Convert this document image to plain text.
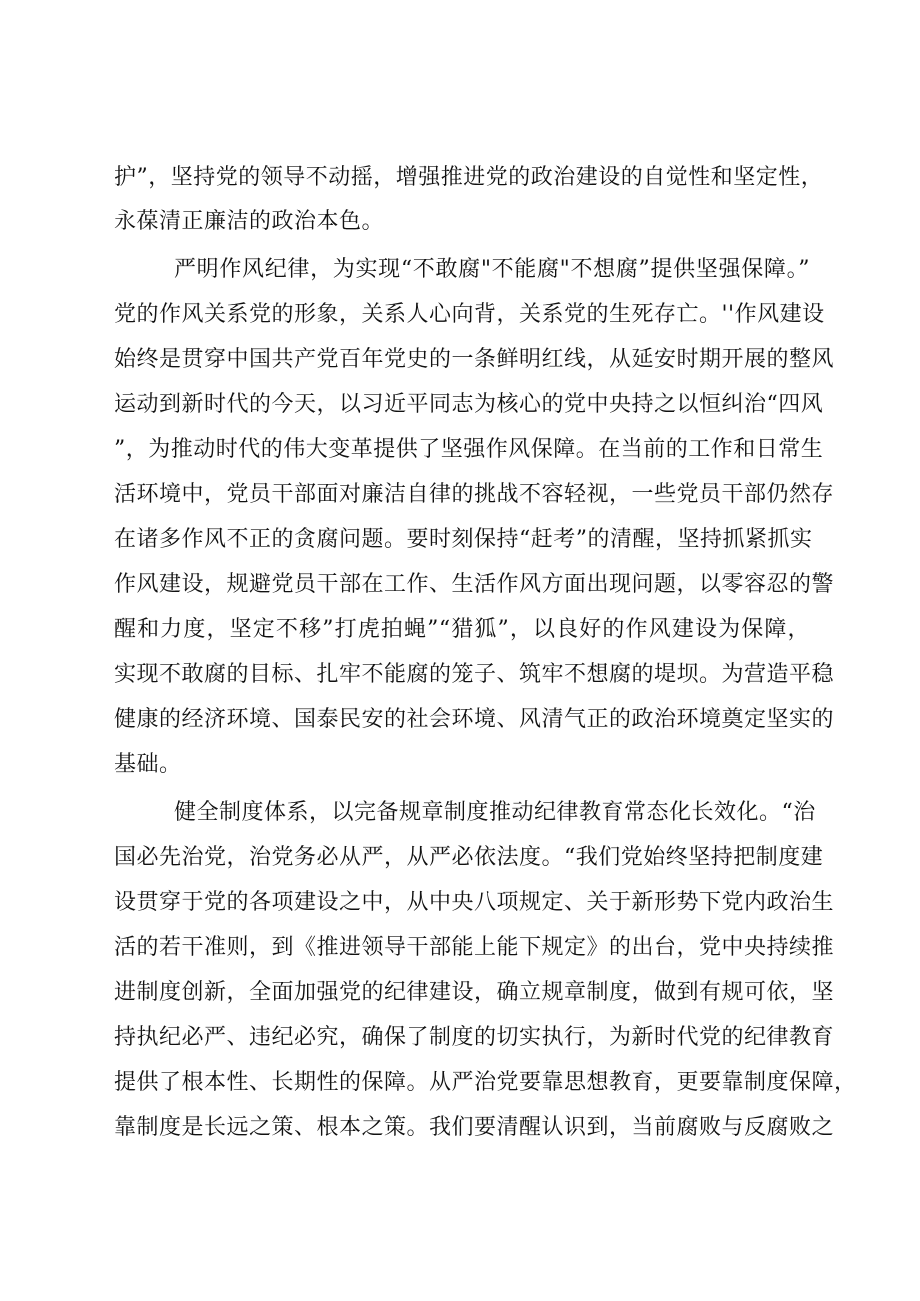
护”，坚持党的领导不动摇，增强推进党的政治建设的自觉性和坚定性，
永葆清正廉洁的政治本色。
严明作风纪律，为实现“不敢腐"不能腐"不想腐”提供坚强保障。”
党的作风关系党的形象，关系人心向背，关系党的生死存亡。''作风建设
始终是贯穿中国共产党百年党史的一条鲜明红线，从延安时期开展的整风
运动到新时代的今天，以习近平同志为核心的党中央持之以恒纠治“四风
”，为推动时代的伟大变革提供了坚强作风保障。在当前的工作和日常生
活环境中，党员干部面对廉洁自律的挑战不容轻视，一些党员干部仍然存
在诸多作风不正的贪腐问题。要时刻保持“赶考”的清醒，坚持抓紧抓实
作风建设，规避党员干部在工作、生活作风方面出现问题，以零容忍的警
醒和力度，坚定不移”打虎拍蝇”“猎狐”，以良好的作风建设为保障，
实现不敢腐的目标、扎牢不能腐的笼子、筑牢不想腐的堤坝。为营造平稳
健康的经济环境、国泰民安的社会环境、风清气正的政治环境奠定坚实的
基础。
健全制度体系，以完备规章制度推动纪律教育常态化长效化。“治
国必先治党，治党务必从严，从严必依法度。“我们党始终坚持把制度建
设贯穿于党的各项建设之中，从中央八项规定、关于新形势下党内政治生
活的若干准则，到《推进领导干部能上能下规定》的出台，党中央持续推
进制度创新，全面加强党的纪律建设，确立规章制度，做到有规可依，坚
持执纪必严、违纪必究，确保了制度的切实执行，为新时代党的纪律教育
提供了根本性、长期性的保障。从严治党要靠思想教育，更要靠制度保障，
靠制度是长远之策、根本之策。我们要清醒认识到，当前腐败与反腐败之
